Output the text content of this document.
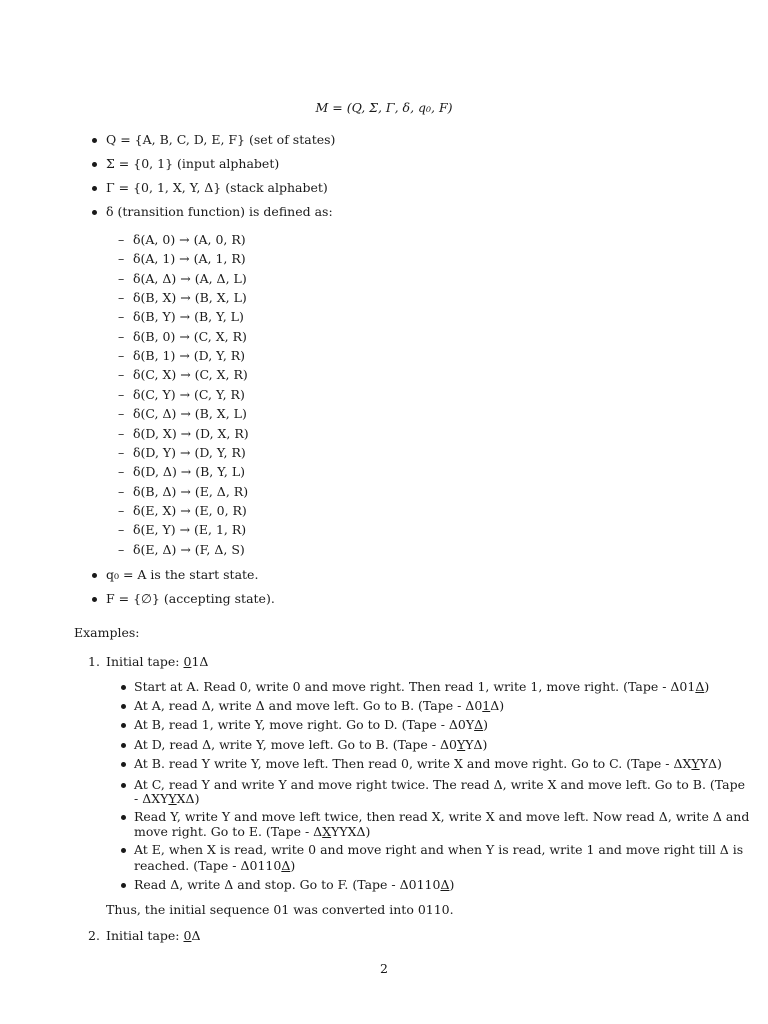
M = (Q, Σ, Γ, δ, q₀, F)
Q = {A, B, C, D, E, F} (set of states)
Σ = {0, 1} (input alphabet)
Γ = {0, 1, X, Y, Δ} (stack alphabet)
δ (transition function) is defined as:
– δ(A, 0) → (A, 0, R)
– δ(A, 1) → (A, 1, R)
– δ(A, Δ) → (A, Δ, L)
– δ(B, X) → (B, X, L)
– δ(B, Y) → (B, Y, L)
– δ(B, 0) → (C, X, R)
– δ(B, 1) → (D, Y, R)
– δ(C, X) → (C, X, R)
– δ(C, Y) → (C, Y, R)
– δ(C, Δ) → (B, X, L)
– δ(D, X) → (D, X, R)
– δ(D, Y) → (D, Y, R)
– δ(D, Δ) → (B, Y, L)
– δ(B, Δ) → (E, Δ, R)
– δ(E, X) → (E, 0, R)
– δ(E, Y) → (E, 1, R)
– δ(E, Δ) → (F, Δ, S)
q₀ = A is the start state.
F = {∅} (accepting state).
Examples:
1. Initial tape: 01Δ
Start at A. Read 0, write 0 and move right. Then read 1, write 1, move right. (Tape - Δ01Δ)
At A, read Δ, write Δ and move left. Go to B. (Tape - Δ01Δ)
At B, read 1, write Y, move right. Go to D. (Tape - Δ0YΔ)
At D, read Δ, write Y, move left. Go to B. (Tape - Δ0YYΔ)
At B. read Y write Y, move left. Then read 0, write X and move right. Go to C. (Tape - ΔXYYΔ)
At C, read Y and write Y and move right twice. The read Δ, write X and move left. Go to B. (Tape
- ΔXYYXΔ)
Read Y, write Y and move left twice, then read X, write X and move left. Now read Δ, write Δ and
move right. Go to E. (Tape - ΔXYYXΔ)
At E, when X is read, write 0 and move right and when Y is read, write 1 and move right till Δ is
reached. (Tape - Δ0110Δ)
Read Δ, write Δ and stop. Go to F. (Tape - Δ0110Δ)
Thus, the initial sequence 01 was converted into 0110.
2. Initial tape: 0Δ
2
